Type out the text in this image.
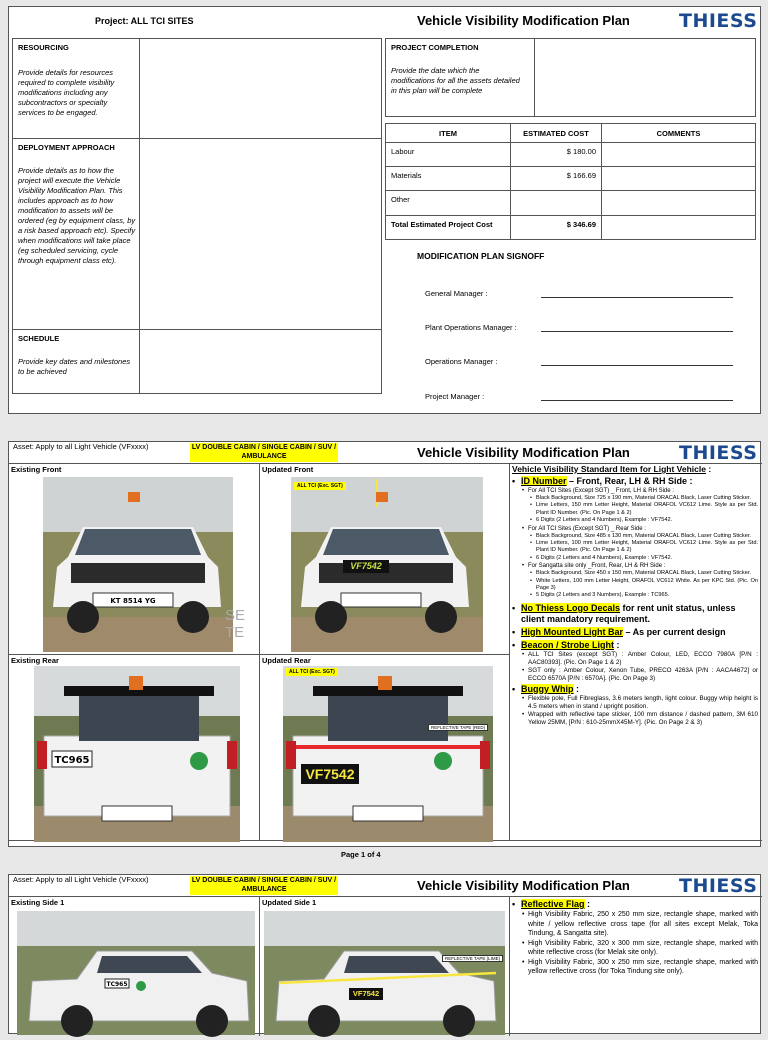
Project: ALL TCI SITES	Vehicle Visibility Modification Plan	THIESS
RESOURCING
Provide details for resources required to complete visibility modifications including any subcontractors or specialty services to be engaged.
DEPLOYMENT APPROACH
Provide details as to how the project will execute the Vehicle Visibility Modification Plan. This includes approach as to how modification to assets will be ordered (eg by equipment class, by a risk based approach etc). Specify when modifications will take place (eg scheduled servicing, cycle through equipment class etc).
SCHEDULE
Provide key dates and milestones to be achieved
PROJECT COMPLETION
Provide the date which the modifications for all the assets detailed in this plan will be complete
ITEM	ESTIMATED COST	COMMENTS
Labour	$ 180.00
Materials	$ 166.69
Other
Total Estimated Project Cost	$ 346.69
MODIFICATION PLAN SIGNOFF
General Manager :
Plant Operations Manager :
Operations Manager :
Project Manager :
Asset: Apply to all Light Vehicle (VFxxxx)	LV DOUBLE CABIN / SINGLE CABIN / SUV / AMBULANCE	Vehicle Visibility Modification Plan	THIESS
Existing Front	Updated Front
Existing Rear	Updated Rear
KT 8514 YG
SE TE
VF7542
ALL TCI (Exc. SGT)
TC965
VF7542
ALL TCI (Exc. SGT)
REFLECTIVE TAPE (RED)
Vehicle Visibility Standard Item for Light Vehicle :
• ID Number – Front, Rear, LH & RH Side :
• For All TCI Sites (Except SGT) _ Front, LH & RH Side :
• Black Background, Size 725 x 190 mm, Material ORACAL Black, Laser Cutting Sticker.
• Lime Letters, 150 mm Letter Height, Material ORAFOL VC612 Lime. Style as per Std. Plant ID Number. (Pic. On Page 1 & 2)
• 6 Digits (2 Letters and 4 Numbers), Example : VF7542.
• For All TCI Sites (Except SGT) _ Rear Side :
• Black Background, Size 485 x 130 mm, Material ORACAL Black, Laser Cutting Sticker.
• Lime Letters, 100 mm Letter Height, Material ORAFOL VC612 Lime. Style as per Std. Plant ID Number. (Pic. On Page 1 & 2)
• 6 Digits (2 Letters and 4 Numbers), Example : VF7542.
• For Sangatta site only _Front, Rear, LH & RH Side :
• Black Background, Size 450 x 150 mm, Material ORACAL Black, Laser Cutting Sticker.
• White Letters, 100 mm Letter Height, ORAFOL VC612 White. As per KPC Std. (Pic. On Page 3)
• 5 Digits (2 Letters and 3 Numbers), Example : TC965.
• No Thiess Logo Decals for rent unit status, unless client mandatory requirement.
• High Mounted Light Bar – As per current design
• Beacon / Strobe Light :
• ALL TCI Sites (except SGT) : Amber Colour, LED, ECCO 7980A [P/N : AAC80393]. (Pic. On Page 1 & 2)
• SGT only : Amber Colour, Xenon Tube, PRECO 4263A [P/N : AACA4672] or ECCO 6570A [P/N : 6570A]. (Pic. On Page 3)
• Buggy Whip :
• Flexible pole, Full Fibreglass, 3.6 meters length, light colour. Buggy whip height is 4.5 meters when in stand / upright position.
• Wrapped with reflective tape sticker, 100 mm distance / dashed pattern, 3M 610 Yellow 25MM, [P/N : 610-25mmX45M-Y]. (Pic. On Page 2 & 3)
Page 1 of 4
Asset: Apply to all Light Vehicle (VFxxxx)	LV DOUBLE CABIN / SINGLE CABIN / SUV / AMBULANCE	Vehicle Visibility Modification Plan	THIESS
Existing Side 1	Updated Side 1
TC965
VF7542
REFLECTIVE TAPE (LIME)
• Reflective Flag :
• High Visibility Fabric, 250 x 250 mm size, rectangle shape, marked with white / yellow reflective cross tape (for all sites except Melak, Toka Tindung, & Sangatta site).
• High Visibility Fabric, 320 x 300 mm size, rectangle shape, marked with white reflective cross (for Melak site only).
• High Visibility Fabric, 300 x 250 mm size, rectangle shape, marked with yellow reflective cross (for Toka Tindung site only).
